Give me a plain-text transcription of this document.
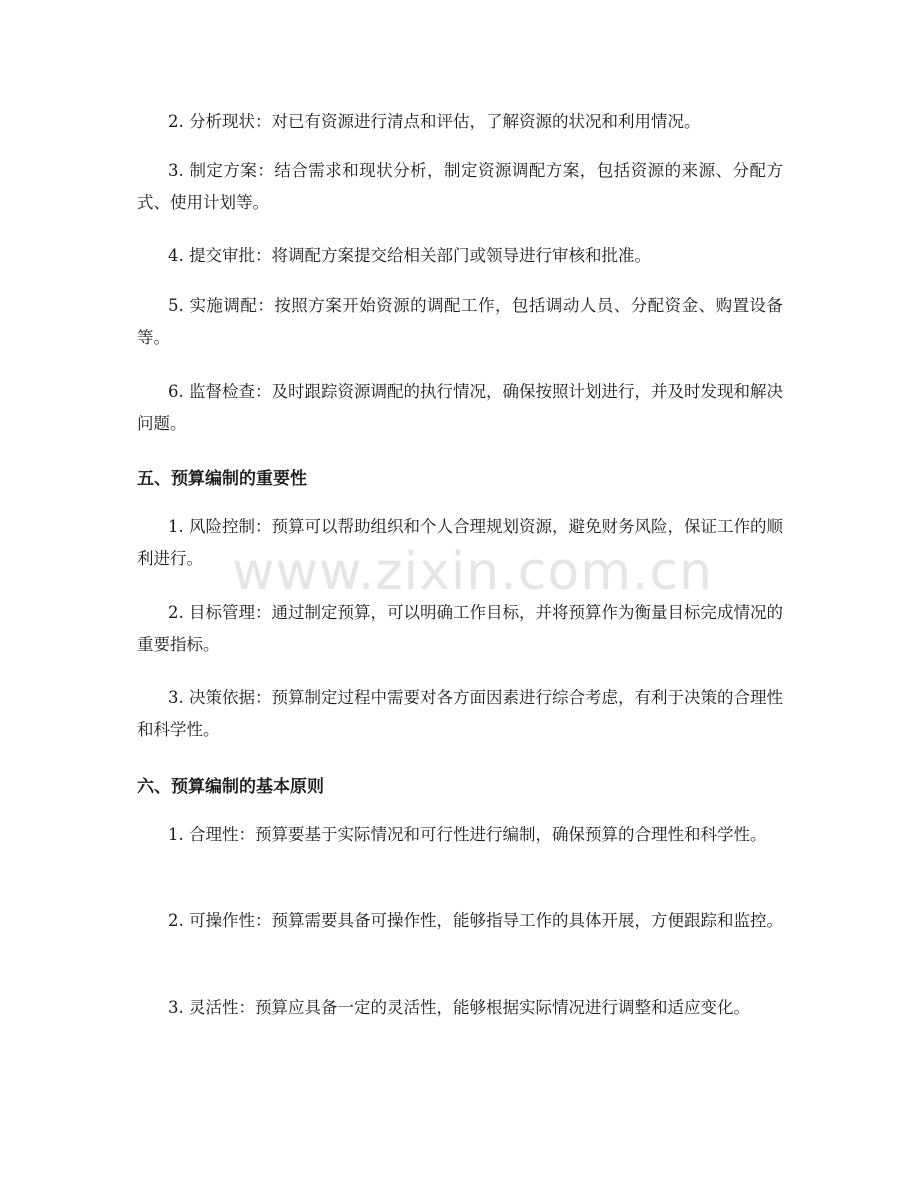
2. 分析现状：对已有资源进行清点和评估，了解资源的状况和利用情况。

3. 制定方案：结合需求和现状分析，制定资源调配方案，包括资源的来源、分配方式、使用计划等。

4. 提交审批：将调配方案提交给相关部门或领导进行审核和批准。

5. 实施调配：按照方案开始资源的调配工作，包括调动人员、分配资金、购置设备等。

6. 监督检查：及时跟踪资源调配的执行情况，确保按照计划进行，并及时发现和解决问题。

五、预算编制的重要性

1. 风险控制：预算可以帮助组织和个人合理规划资源，避免财务风险，保证工作的顺利进行。

2. 目标管理：通过制定预算，可以明确工作目标，并将预算作为衡量目标完成情况的重要指标。

3. 决策依据：预算制定过程中需要对各方面因素进行综合考虑，有利于决策的合理性和科学性。

六、预算编制的基本原则

1. 合理性：预算要基于实际情况和可行性进行编制，确保预算的合理性和科学性。

2. 可操作性：预算需要具备可操作性，能够指导工作的具体开展，方便跟踪和监控。

3. 灵活性：预算应具备一定的灵活性，能够根据实际情况进行调整和适应变化。

www.zixin.com.cn
